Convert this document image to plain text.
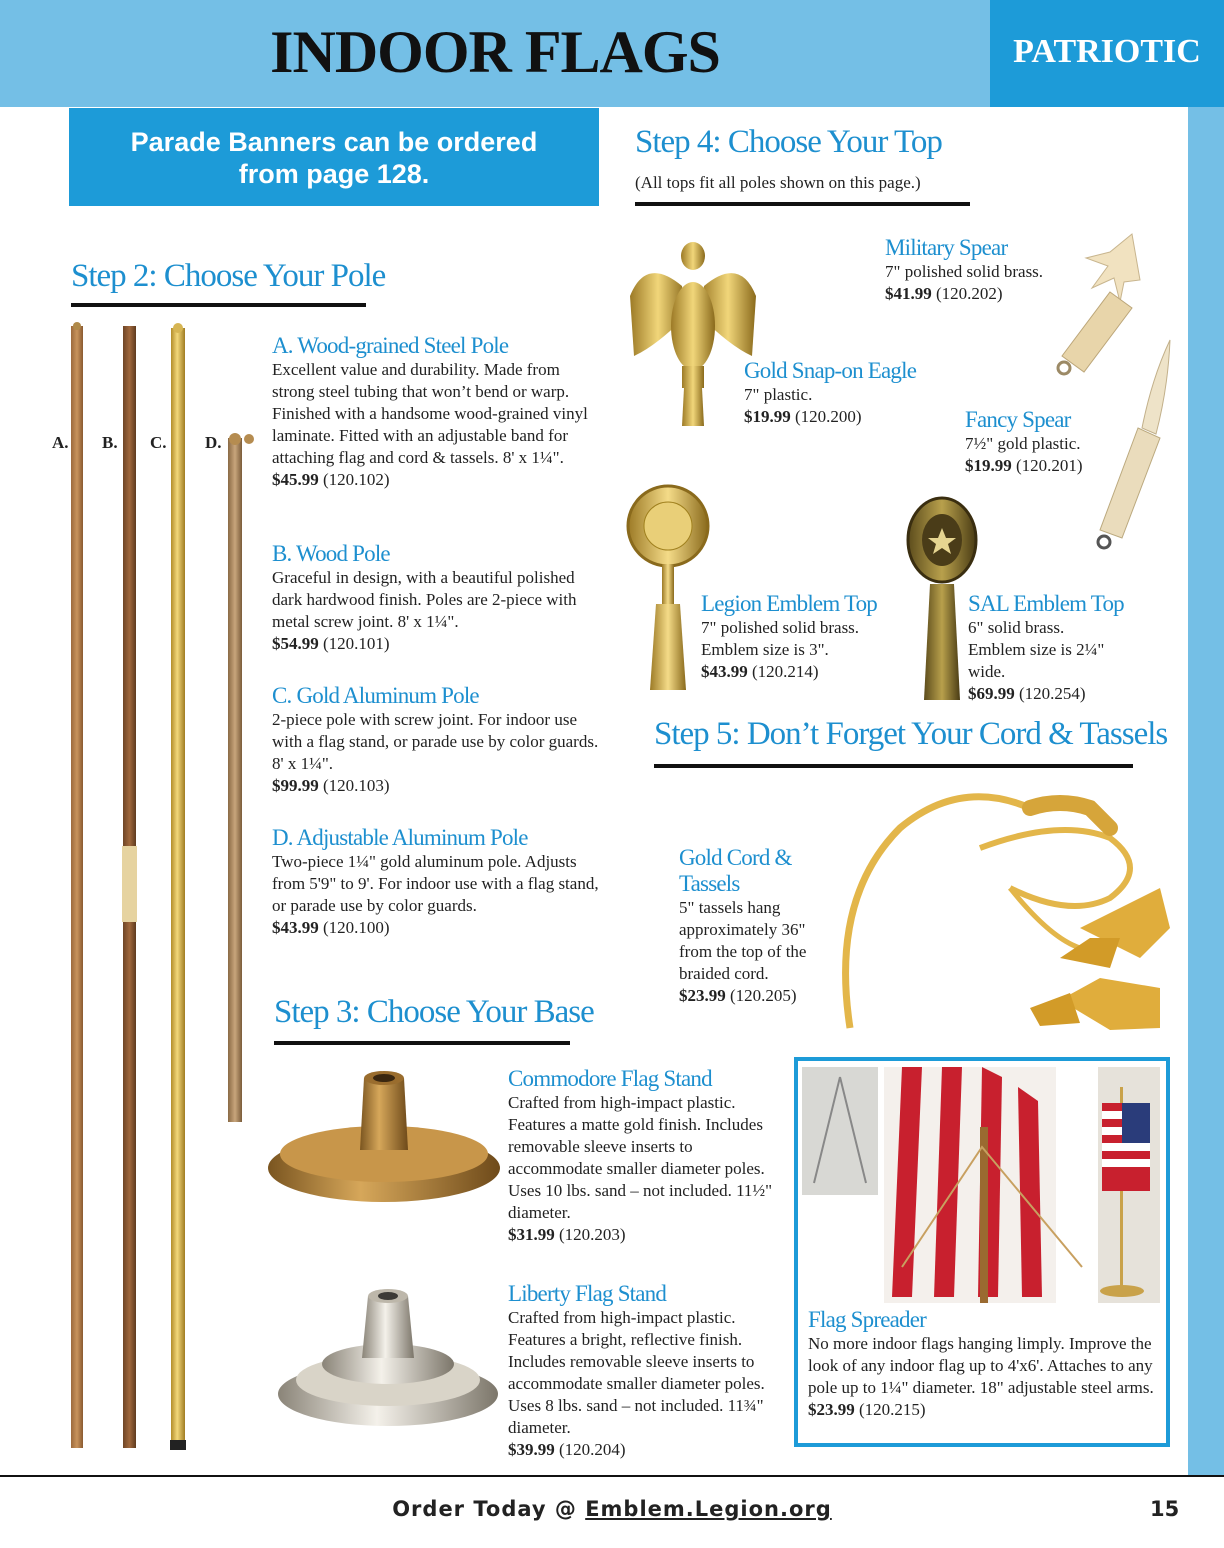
INDOOR FLAGS	PATRIOTIC
Parade Banners can be ordered
from page 128.
Step 2: Choose Your Pole
A. B. C. D.
A. Wood-grained Steel Pole
Excellent value and durability. Made from strong steel tubing that won’t bend or warp. Finished with a handsome wood-grained vinyl laminate. Fitted with an adjustable band for attaching flag and cord & tassels. 8' x 1¼".
$45.99 (120.102)
B. Wood Pole
Graceful in design, with a beautiful polished dark hardwood finish. Poles are 2-piece with metal screw joint. 8' x 1¼".
$54.99 (120.101)
C. Gold Aluminum Pole
2-piece pole with screw joint. For indoor use with a flag stand, or parade use by color guards. 8' x 1¼".
$99.99 (120.103)
D. Adjustable Aluminum Pole
Two-piece 1¼" gold aluminum pole. Adjusts from 5'9" to 9'. For indoor use with a flag stand, or parade use by color guards.
$43.99 (120.100)
Step 3: Choose Your Base
Commodore Flag Stand
Crafted from high-impact plastic. Features a matte gold finish. Includes removable sleeve inserts to accommodate smaller diameter poles. Uses 10 lbs. sand – not included. 11½" diameter.
$31.99 (120.203)
Liberty Flag Stand
Crafted from high-impact plastic. Features a bright, reflective finish. Includes removable sleeve inserts to accommodate smaller diameter poles. Uses 8 lbs. sand – not included. 11¾" diameter.
$39.99 (120.204)
Step 4: Choose Your Top
(All tops fit all poles shown on this page.)
Military Spear
7" polished solid brass.
$41.99 (120.202)
Gold Snap-on Eagle
7" plastic.
$19.99 (120.200)	Fancy Spear
7½" gold plastic.
$19.99 (120.201)
Legion Emblem Top
7" polished solid brass. Emblem size is 3".
$43.99 (120.214)
SAL Emblem Top
6" solid brass. Emblem size is 2¼" wide.
$69.99 (120.254)
Step 5: Don’t Forget Your Cord & Tassels
Gold Cord & Tassels
5" tassels hang approximately 36" from the top of the braided cord.
$23.99 (120.205)
Flag Spreader
No more indoor flags hanging limply. Improve the look of any indoor flag up to 4'x6'. Attaches to any pole up to 1¼" diameter. 18" adjustable steel arms.
$23.99 (120.215)
Order Today @ Emblem.Legion.org	15
